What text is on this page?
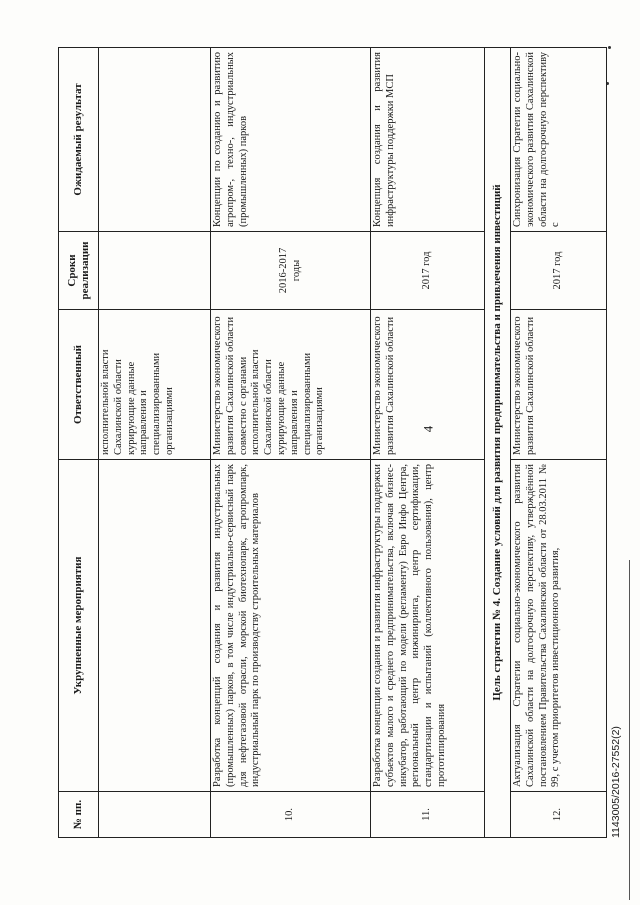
4
№ пп.	Укрупненные мероприятия	Ответственный	Сроки реализации	Ожидаемый результат
		исполнительной власти Сахалинской области курирующие данные направления и специализированными организациями		
10.	Разработка концепций создания и развития индустриальных (промышленных) парков, в том числе индустриально-сервисный парк для нефтегазовой отрасли, морской биотехнопарк, агропромпарк, индустриальный парк по производству строительных материалов	Министерство экономического развития Сахалинской области совместно с органами исполнительной власти Сахалинской области курирующие данные направления и специализированными организациями	2016-2017 годы	Концепции по созданию и развитию агропром-, техно-, индустриальных (промышленных) парков
11.	Разработка концепции создания и развития инфраструктуры поддержки субъектов малого и среднего предпринимательства, включая бизнес-инкубатор, работающий по модели (регламенту) Евро Инфо Центра, региональный центр инжиниринга, центр сертификации, стандартизации и испытаний (коллективного пользования), центр прототипирования	Министерство экономического развития Сахалинской области	2017 год	Концепция создания и развития инфраструктуры поддержки МСП
Цель стратегии № 4. Создание условий для развития предпринимательства и привлечения инвестиций				
12.	Актуализация Стратегии социально-экономического развития Сахалинской области на долгосрочную перспективу, утверждённой постановлением Правительства Сахалинской области от 28.03.2011 № 99, с учетом приоритетов инвестиционного развития,	Министерство экономического развития Сахалинской области	2017 год	Синхронизация Стратегии социально-экономического развития Сахалинской области на долгосрочную перспективу с
1143005/2016-27552(2)
